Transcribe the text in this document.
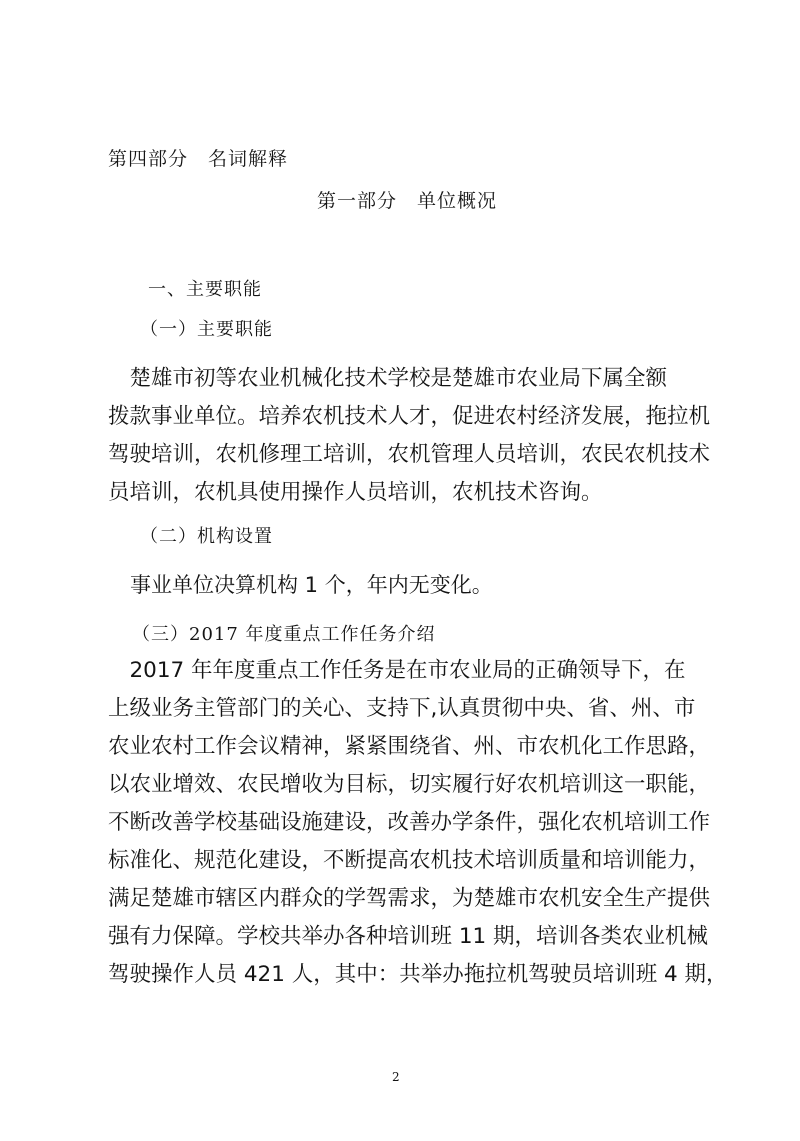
第四部分　名词解释
第一部分　单位概况
一、主要职能
（一）主要职能
　楚雄市初等农业机械化技术学校是楚雄市农业局下属全额
拨款事业单位。培养农机技术人才，促进农村经济发展，拖拉机
驾驶培训，农机修理工培训，农机管理人员培训，农民农机技术
员培训，农机具使用操作人员培训，农机技术咨询。
（二）机构设置
事业单位决算机构 1 个，年内无变化。
（三）2017 年度重点工作任务介绍
　2017 年年度重点工作任务是在市农业局的正确领导下，在
上级业务主管部门的关心、支持下,认真贯彻中央、省、州、市
农业农村工作会议精神，紧紧围绕省、州、市农机化工作思路，
以农业增效、农民增收为目标，切实履行好农机培训这一职能，
不断改善学校基础设施建设，改善办学条件，强化农机培训工作
标准化、规范化建设，不断提高农机技术培训质量和培训能力，
满足楚雄市辖区内群众的学驾需求，为楚雄市农机安全生产提供
强有力保障。学校共举办各种培训班 11 期，培训各类农业机械
驾驶操作人员 421 人，其中：共举办拖拉机驾驶员培训班 4 期，
2
